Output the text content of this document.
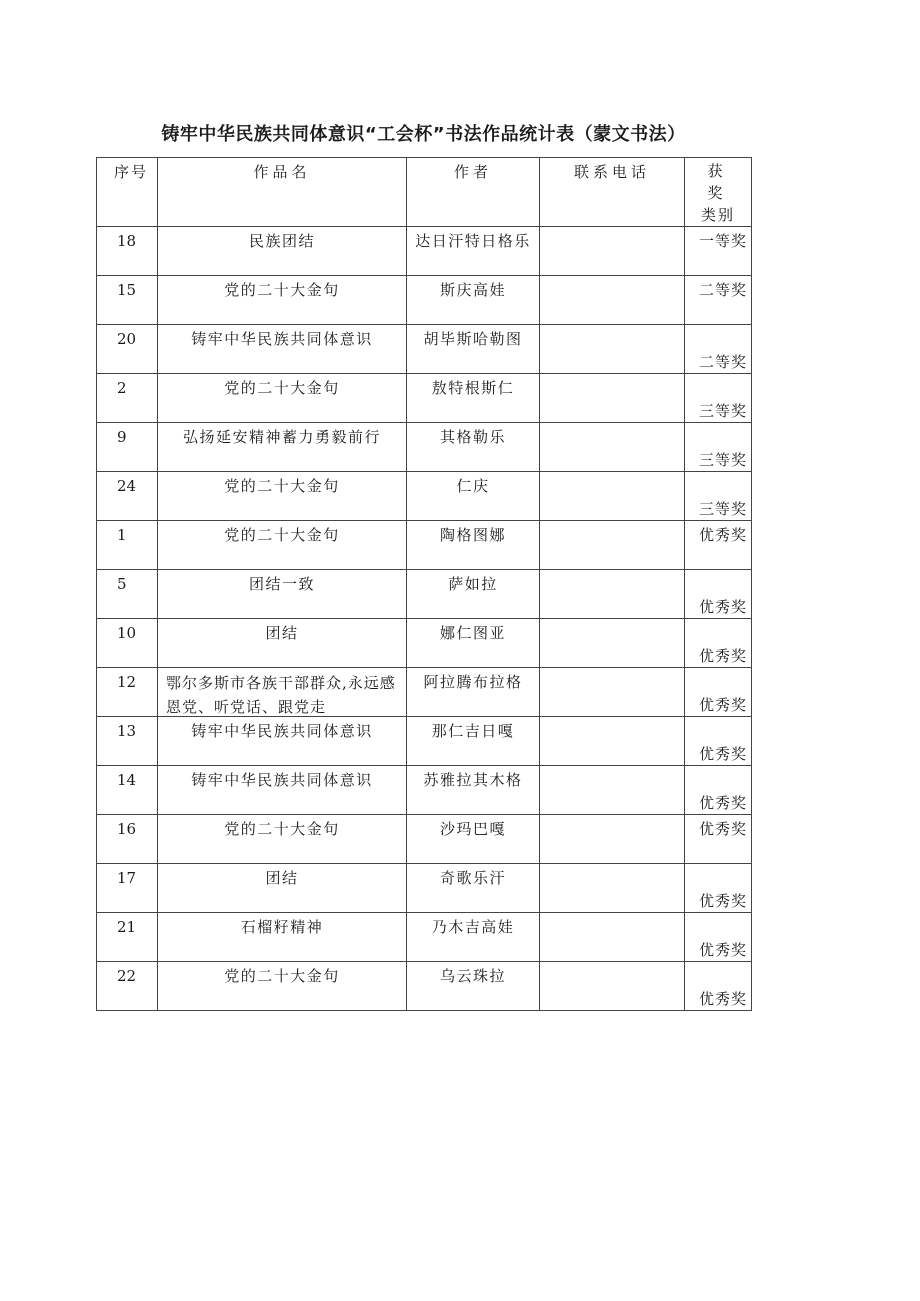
铸牢中华民族共同体意识“工会杯”书法作品统计表（蒙文书法）
序号	作品名	作者	联系电话	获奖
类别

18	民族团结	达日汗特日格乐		一等奖

15	党的二十大金句	斯庆高娃		二等奖

20	铸牢中华民族共同体意识	胡毕斯哈勒图		二等奖

2	党的二十大金句	敖特根斯仁		三等奖

9	弘扬延安精神蓄力勇毅前行	其格勒乐		三等奖

24	党的二十大金句	仁庆		三等奖

1	党的二十大金句	陶格图娜		优秀奖

5	团结一致	萨如拉		优秀奖

10	团结	娜仁图亚		优秀奖

12	鄂尔多斯市各族干部群众,永远感恩党、听党话、跟党走	阿拉腾布拉格		优秀奖

13	铸牢中华民族共同体意识	那仁吉日嘎		优秀奖

14	铸牢中华民族共同体意识	苏雅拉其木格		优秀奖

16	党的二十大金句	沙玛巴嘎		优秀奖

17	团结	奇歌乐汗		优秀奖

21	石榴籽精神	乃木吉高娃		优秀奖

22	党的二十大金句	乌云珠拉		优秀奖
